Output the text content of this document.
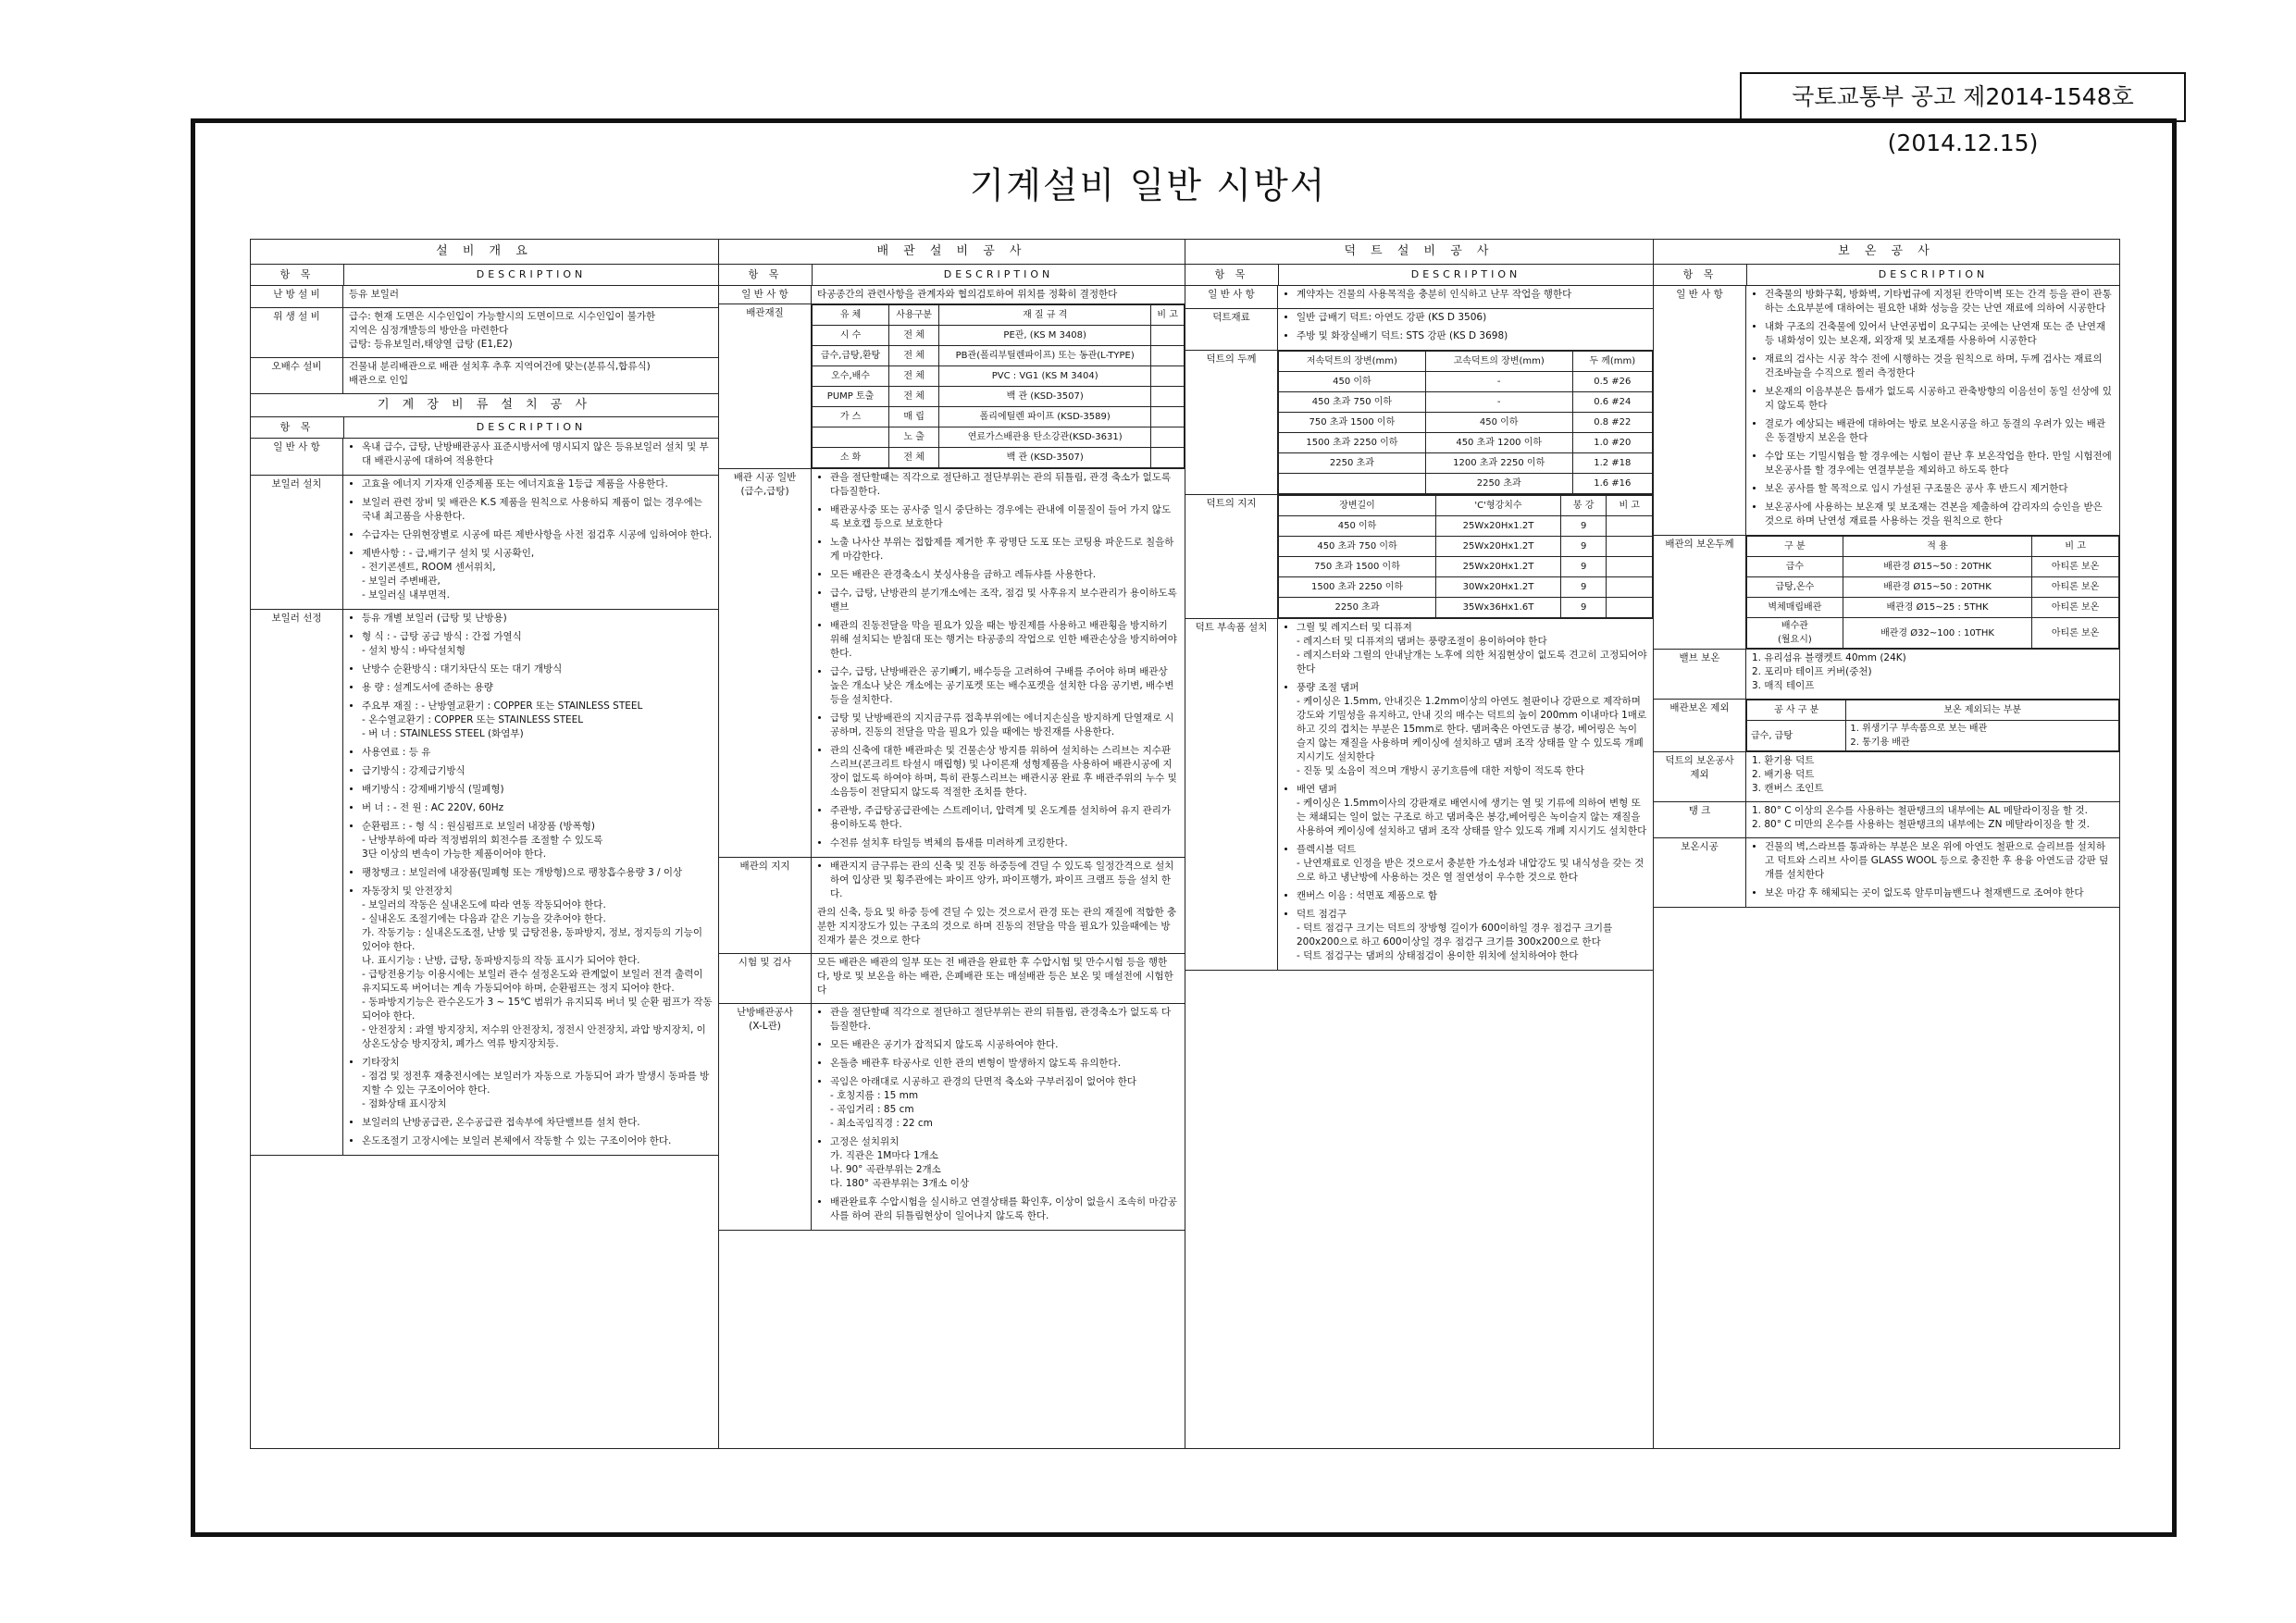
국토교통부 공고 제2014-1548호(2014.12.15)
기계설비 일반 시방서
설 비 개 요
항 목	DESCRIPTION
난 방 설 비	등유 보일러

위 생 설 비	급수: 현재 도면은 시수인입이 가능할시의 도면이므로 시수인입이 불가한
지역은 심정개발등의 방안을 마련한다
급탕: 등유보일러,태양열 급탕 (E1,E2)

오배수 설비	건물내 분리배관으로 배관 설치후 추후 지역여건에 맞는(분류식,합류식)
배관으로 인입

기 계 장 비 류 설 치 공 사
항 목	DESCRIPTION
일 반 사 항	• 옥내 급수, 급탕, 난방배관공사 표준시방서에 명시되지 않은 등유보일러 설치 및 부대 배관시공에 대하여 적용한다
보일러 설치	• 고효율 에너지 기자재 인증제품 또는 에너지효율 1등급 제품을 사용한다.
• 보일러 관련 장비 및 배관은 K.S 제품을 원칙으로 사용하되 제품이 없는 경우에는 국내 최고품을 사용한다.
• 수급자는 단위현장별로 시공에 따른 제반사항을 사전 점검후 시공에 임하여야 한다.
• 제반사항 : - 급,배기구 설치 및 시공확인,
- 전기콘센트, ROOM 센서위치,
- 보일러 주변배관,
- 보일러실 내부면적.
보일러 선정	• 등유 개별 보일러 (급탕 및 난방용)
• 형 식 : - 급탕 공급 방식 : 간접 가열식
- 설치 방식 : 바닥설치형
• 난방수 순환방식 : 대기차단식 또는 대기 개방식
• 용 량 : 설계도서에 준하는 용량
• 주요부 재질 : - 난방열교환기 : COPPER 또는 STAINLESS STEEL
- 온수열교환기 : COPPER 또는 STAINLESS STEEL
- 버 너 : STAINLESS STEEL (화염부)
• 사용연료 : 등 유
• 급기방식 : 강제급기방식
• 배기방식 : 강제배기방식 (밀폐형)
• 버 너 : - 전 원 : AC 220V, 60Hz
• 순환펌프 : - 형 식 : 원심펌프로 보일러 내장품 (방폭형)
- 난방부하에 따라 적정범위의 회전수를 조절할 수 있도록
3단 이상의 변속이 가능한 제품이어야 한다.
• 팽창탱크 : 보일러에 내장품(밀폐형 또는 개방형)으로 팽창흡수용량 3 / 이상
• 자동장치 및 안전장치
- 보일러의 작동은 실내온도에 따라 연동 작동되어야 한다.
- 실내온도 조절기에는 다음과 같은 기능을 갖추어야 한다.
가. 작동기능 : 실내온도조절, 난방 및 급탕전용, 동파방지, 정보, 정지등의 기능이 있어야 한다.
나. 표시기능 : 난방, 급탕, 동파방지등의 작동 표시가 되어야 한다.
- 급탕전용기능 이용시에는 보일러 관수 설정온도와 관계없이 보일러 전격 출력이 유지되도록 버어너는 계속 가동되어야 하며, 순환펌프는 정지 되어야 한다.
- 동파방지기능은 관수온도가 3 ~ 15℃ 범위가 유지되록 버너 및 순환 펌프가 작동되어야 한다.
- 안전장치 : 과열 방지장치, 저수위 안전장치, 정전시 안전장치, 과압 방지장치, 이상온도상승 방지장치, 폐가스 역류 방지장치등.
• 기타장치
- 점검 및 정전후 재충전시에는 보일러가 자동으로 가동되어 과가 발생시 동파를 방지할 수 있는 구조이어야 한다.
- 점화상태 표시장치
• 보일러의 난방공급관, 온수공급관 접속부에 차단밸브를 설치 한다.
• 온도조절기 고장시에는 보일러 본체에서 작동할 수 있는 구조이어야 한다.
배 관 설 비 공 사
항 목	DESCRIPTION
일 반 사 항	타공종간의 관련사항을 관계자와 협의검토하여 위치를 정확히 결정한다
배관재질	유 체	사용구분	재 질 규 격	비 고
시 수	전 체	PE관, (KS M 3408)	
급수,급탕,환탕	전 체	PB관(폴리부틸렌파이프) 또는 동관(L-TYPE)	
오수,배수	전 체	PVC : VG1 (KS M 3404)	
PUMP 토출	전 체	백 관 (KSD-3507)	
가 스	매 립	폴리에틸렌 파이프 (KSD-3589)	
	노 출	연료가스배관용 탄소강관(KSD-3631)	
소 화	전 체	백 관 (KSD-3507)	
배관 시공 일반
(급수,급탕)
• 관을 절단할때는 직각으로 절단하고 절단부위는 관의 뒤틀림, 관경 축소가 없도록 다듬질한다.
• 배관공사중 또는 공사중 일시 중단하는 경우에는 관내에 이물질이 들어 가지 않도록 보호캡 등으로 보호한다
• 노출 나사산 부위는 접합제를 제거한 후 광명단 도포 또는 코팅용 파운드로 칠을하게 마감한다.
• 모든 배관은 관경축소시 붓싱사용을 금하고 레듀샤를 사용한다.
• 급수, 급탕, 난방관의 분기개소에는 조작, 점검 및 사후유지 보수관리가 용이하도록 밸브
• 배관의 진동전달을 막을 필요가 있을 때는 방진제를 사용하고 배관횡을 방지하기 위해 설치되는 받침대 또는 행거는 타공종의 작업으로 인한 배관손상을 방지하여야 한다.
• 급수, 급탕, 난방배관은 공기빼기, 배수등을 고려하여 구배를 주어야 하며 배관상 높은 개소나 낮은 개소에는 공기포켓 또는 배수포켓을 설치한 다음 공기변, 배수변 등을 설치한다.
• 급탕 및 난방배관의 지지금구류 접촉부위에는 에너지손실을 방지하게 단열재로 시공하며, 진동의 전달을 막을 필요가 있을 때에는 방진재를 사용한다.
• 관의 신축에 대한 배관파손 및 건물손상 방지를 위하여 설치하는 스리브는 지수판 스리브(콘크리트 타설시 매립형) 및 나이론재 성형제품을 사용하여 배관시공에 지장이 없도록 하여야 하며, 특히 관통스리브는 배관시공 완료 후 배관주위의 누수 및 소음등이 전달되지 않도록 적절한 조치를 한다.
• 주관방, 주급탕공급관에는 스트레이너, 압력계 및 온도계를 설치하여 유지 관리가 용이하도록 한다.
• 수전류 설치후 타일등 벽체의 틈새를 미려하게 코킹한다.
배관의 지지	• 배관지지 금구류는 관의 신축 및 진동 하중등에 견딜 수 있도록 일정간격으로 설치하여 입상관 및 횡주관에는 파이프 앙카, 파이프행가, 파이프 크램프 등을 설치 한다.

관의 신축, 등요 및 하중 등에 견딜 수 있는 것으로서 관경 또는 관의 재질에 적합한 충분한 지지장도가 있는 구조의 것으로 하며 진동의 전달을 막을 필요가 있을때에는 방진재가 붙은 것으로 한다

시험 및 검사	모든 배관은 배관의 일부 또는 전 배관을 완료한 후 수압시험 및 만수시험 등을 행한다, 방로 및 보온을 하는 배관, 은폐배관 또는 매설배관 등은 보온 및 매설전에 시험한다

난방배관공사
(X-L관)
• 관을 절단할때 직각으로 절단하고 절단부위는 관의 뒤틀림, 관경축소가 없도록 다듬질한다.
• 모든 배관은 공기가 잡적되지 않도록 시공하여야 한다.
• 온돌층 배관후 타공사로 인한 관의 변형이 발생하지 않도록 유의한다.
• 곡임은 아래대로 시공하고 관경의 단면적 축소와 구부러짐이 없어야 한다
- 호칭지름 : 15 mm
- 곡임거리 : 85 cm
- 최소곡임직경 : 22 cm
• 고정은 설치위치
가. 직관은 1M마다 1개소
나. 90° 곡관부위는 2개소
다. 180° 곡관부위는 3개소 이상
• 배관완료후 수압시험을 실시하고 연결상태를 확인후, 이상이 없을시 조속히 마감공사를 하여 관의 뒤틀림현상이 일어나지 않도록 한다.
덕 트 설 비 공 사
항 목	DESCRIPTION
일 반 사 항	• 계약자는 건물의 사용목적을 충분히 인식하고 난무 작업을 행한다
덕트재료	• 일반 급배기 덕트: 아연도 강판 (KS D 3506)
• 주방 및 화장실배기 덕트: STS 강판 (KS D 3698)
덕트의 두께	저속덕트의 장변(mm)	고속덕트의 장변(mm)	두 께(mm)
450 이하	-	0.5 #26
450 초과 750 이하	-	0.6 #24
750 초과 1500 이하	450 이하	0.8 #22
1500 초과 2250 이하	450 초과 1200 이하	1.0 #20
2250 초과	1200 초과 2250 이하	1.2 #18
	2250 초과	1.6 #16
덕트의 지지	장변길이	'C'형강치수	봉 강	비 고
450 이하	25Wx20Hx1.2T	9	
450 초과 750 이하	25Wx20Hx1.2T	9	
750 초과 1500 이하	25Wx20Hx1.2T	9	
1500 초과 2250 이하	30Wx20Hx1.2T	9	
2250 초과	35Wx36Hx1.6T	9	
덕트 부속품 설치	• 그릴 및 레지스터 및 디퓨져
- 레지스터 및 디퓨져의 댐퍼는 풍량조절이 용이하여야 한다
- 레지스터와 그릴의 안내날개는 노후에 의한 처짐현상이 없도록 견고히 고정되어야 한다
• 풍량 조절 댐퍼
- 케이싱은 1.5mm, 안내깃은 1.2mm이상의 아연도 철판이나 강판으로 제작하며 강도와 기밀성을 유지하고, 안내 깃의 매수는 덕트의 높이 200mm 이내마다 1매로 하고 깃의 겹치는 부분은 15mm로 한다. 댐퍼축은 아연도금 봉강, 베어링은 녹이 슬지 않는 재질을 사용하며 케이싱에 설치하고 댐퍼 조작 상태를 알 수 있도록 개폐 지시기도 설치한다
- 진동 및 소음이 적으며 개방시 공기흐름에 대한 저항이 적도록 한다
• 배연 댐퍼
- 케이싱은 1.5mm이사의 강판재로 배연시에 생기는 열 및 기류에 의하여 변형 또는 채쇄되는 일이 없는 구조로 하고 댐퍼축은 봉강,베어링은 녹이슬지 않는 재질을 사용하여 케이싱에 설치하고 댐퍼 조작 상태를 알수 있도록 개폐 지시기도 설치한다
• 플렉시블 덕트
- 난연재료로 인정을 받은 것으로서 충분한 가소성과 내압강도 및 내식성을 갖는 것으로 하고 냉난방에 사용하는 것은 열 절연성이 우수한 것으로 한다
• 캔버스 이음 : 석면포 제품으로 함
• 덕트 점검구
- 덕트 점검구 크기는 덕트의 장방형 길이가 600이하일 경우 점검구 크기를 200x200으로 하고 600이상일 경우 점검구 크기를 300x200으로 한다
- 덕트 점검구는 댐퍼의 상태점검이 용이한 위치에 설치하여야 한다
보 온 공 사
항 목	DESCRIPTION
일 반 사 항	• 건축물의 방화구획, 방화벽, 기타법규에 지정된 칸막이벽 또는 간격 등을 관이 관통하는 소요부분에 대하여는 필요한 내화 성능을 갖는 난연 재료에 의하여 시공한다
• 내화 구조의 건축물에 있어서 난연공법이 요구되는 곳에는 난연재 또는 준 난연재 등 내화성이 있는 보온재, 외장재 및 보조재를 사용하여 시공한다
• 재료의 검사는 시공 착수 전에 시행하는 것을 원칙으로 하며, 두께 검사는 재료의 건조바늘을 수직으로 찔러 측정한다
• 보온재의 이음부분은 틈새가 없도록 시공하고 관축방향의 이음선이 동일 선상에 있지 않도록 한다
• 결로가 예상되는 배관에 대하여는 방로 보온시공을 하고 동결의 우려가 있는 배관은 동결방지 보온을 한다
• 수압 또는 기밀시험을 할 경우에는 시험이 끝난 후 보온작업을 한다. 만일 시험전에 보온공사를 할 경우에는 연결부분을 제외하고 하도록 한다
• 보온 공사를 할 목적으로 임시 가설된 구조물은 공사 후 반드시 제거한다
• 보온공사에 사용하는 보온재 및 보조재는 견본을 제출하여 감리자의 승인을 받은 것으로 하며 난연성 재료를 사용하는 것을 원칙으로 한다
배관의 보온두께	구 분	적 용	비 고
급수	배관경 Ø15~50 : 20THK	아티론 보온
급탕,온수	배관경 Ø15~50 : 20THK	아티론 보온
벽체매립배관	배관경 Ø15~25 : 5THK	아티론 보온
배수관
(월요시)	배관경 Ø32~100 : 10THK	아티론 보온
밸브 보온	1. 유리섬유 블랭켓트 40mm (24K)
2. 포리마 테이프 커버(중천)
3. 매직 테이프

배관보온 제외	공 사 구 분	보온 제외되는 부분
급수, 급탕	1. 위생기구 부속품으로 보는 배관
2. 통기용 배관
덕트의 보온공사
제외

1. 환기용 덕트
2. 배기용 덕트
3. 캔버스 조인트

탱 크	1. 80° C 이상의 온수를 사용하는 철판탱크의 내부에는 AL 메탈라이징을 할 것.
2. 80° C 미만의 온수를 사용하는 철판탱크의 내부에는 ZN 메탈라이징을 할 것.

보온시공	• 건물의 벽,스라브를 통과하는 부분은 보온 위에 아연도 철판으로 슬리브를 설치하고 덕트와 스리브 사이를 GLASS WOOL 등으로 충진한 후 용융 아연도금 강판 덮개를 설치한다
• 보온 마감 후 해체되는 곳이 없도록 알루미늄밴드나 철재밴드로 조여야 한다
